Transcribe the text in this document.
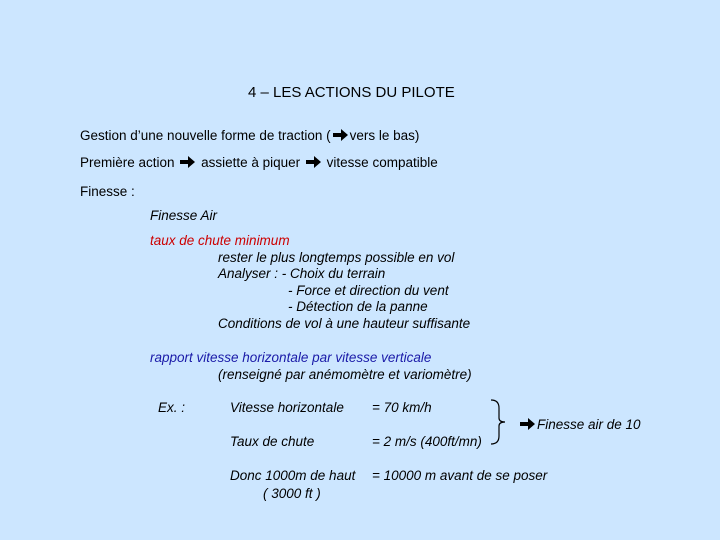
4 – LES ACTIONS DU PILOTE
Gestion d’une nouvelle forme de traction ( vers le bas)
Première action assiette à piquer vitesse compatible
Finesse :
Finesse Air
taux de chute minimum
rester le plus longtemps possible en vol
Analyser : - Choix du terrain
- Force et direction du vent
- Détection de la panne
Conditions de vol à une hauteur suffisante
rapport vitesse horizontale par vitesse verticale
(renseigné par anémomètre et variomètre)
Ex. :	Vitesse horizontale = 70 km/h
Taux de chute	= 2 m/s (400ft/mn)
Finesse air de 10
Donc 1000m de haut = 10000 m avant de se poser
( 3000 ft )
